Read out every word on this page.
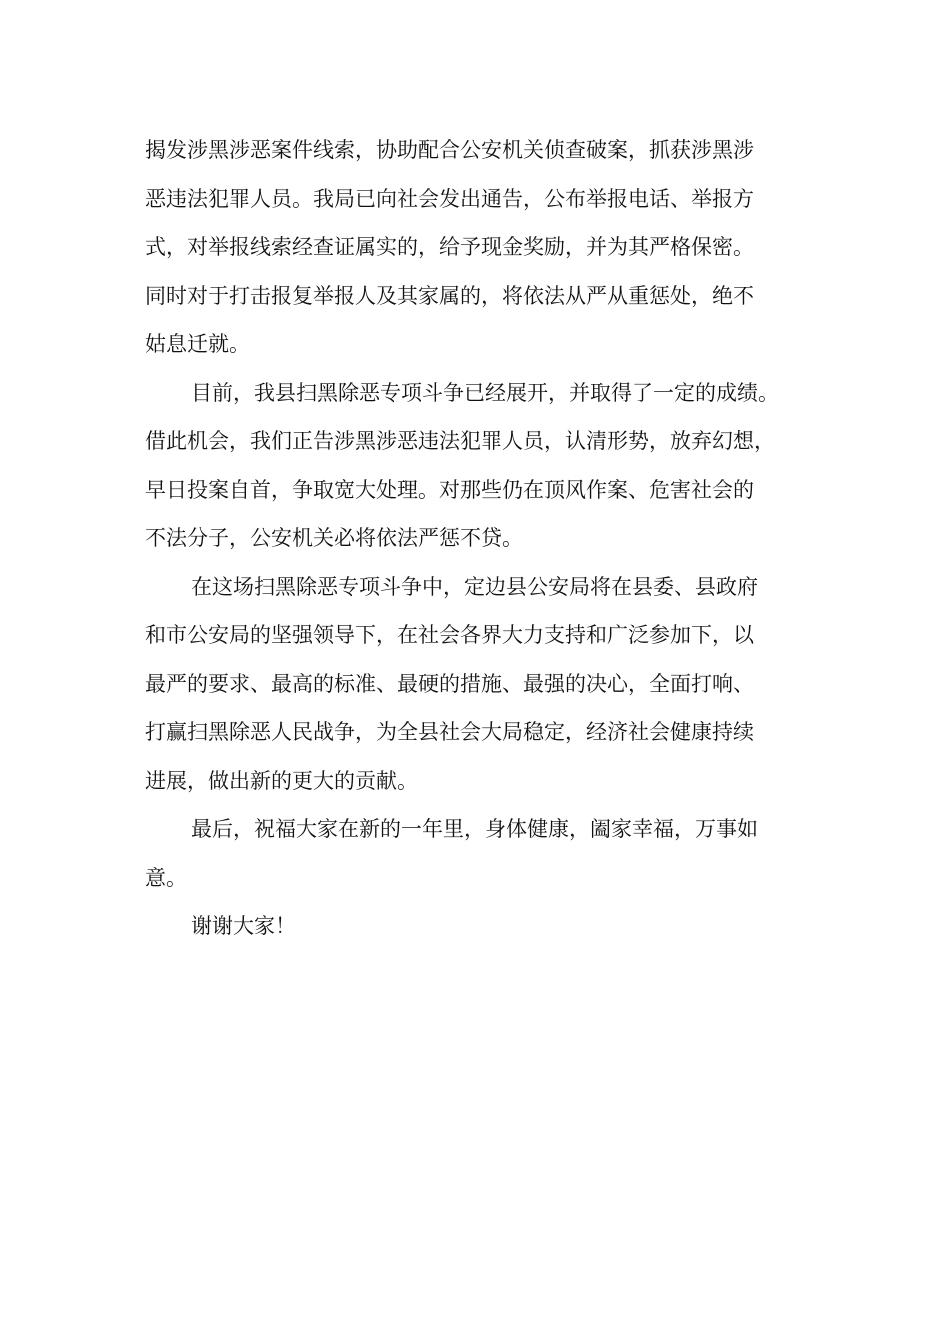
揭发涉黑涉恶案件线索，协助配合公安机关侦查破案，抓获涉黑涉
恶违法犯罪人员。我局已向社会发出通告，公布举报电话、举报方
式，对举报线索经查证属实的，给予现金奖励，并为其严格保密。
同时对于打击报复举报人及其家属的，将依法从严从重惩处，绝不
姑息迁就。
目前，我县扫黑除恶专项斗争已经展开，并取得了一定的成绩。
借此机会，我们正告涉黑涉恶违法犯罪人员，认清形势，放弃幻想，
早日投案自首，争取宽大处理。对那些仍在顶风作案、危害社会的
不法分子，公安机关必将依法严惩不贷。
在这场扫黑除恶专项斗争中，定边县公安局将在县委、县政府
和市公安局的坚强领导下，在社会各界大力支持和广泛参加下，以
最严的要求、最高的标准、最硬的措施、最强的决心，全面打响、
打赢扫黑除恶人民战争，为全县社会大局稳定，经济社会健康持续
进展，做出新的更大的贡献。
最后，祝福大家在新的一年里，身体健康，阖家幸福，万事如
意。
谢谢大家！
